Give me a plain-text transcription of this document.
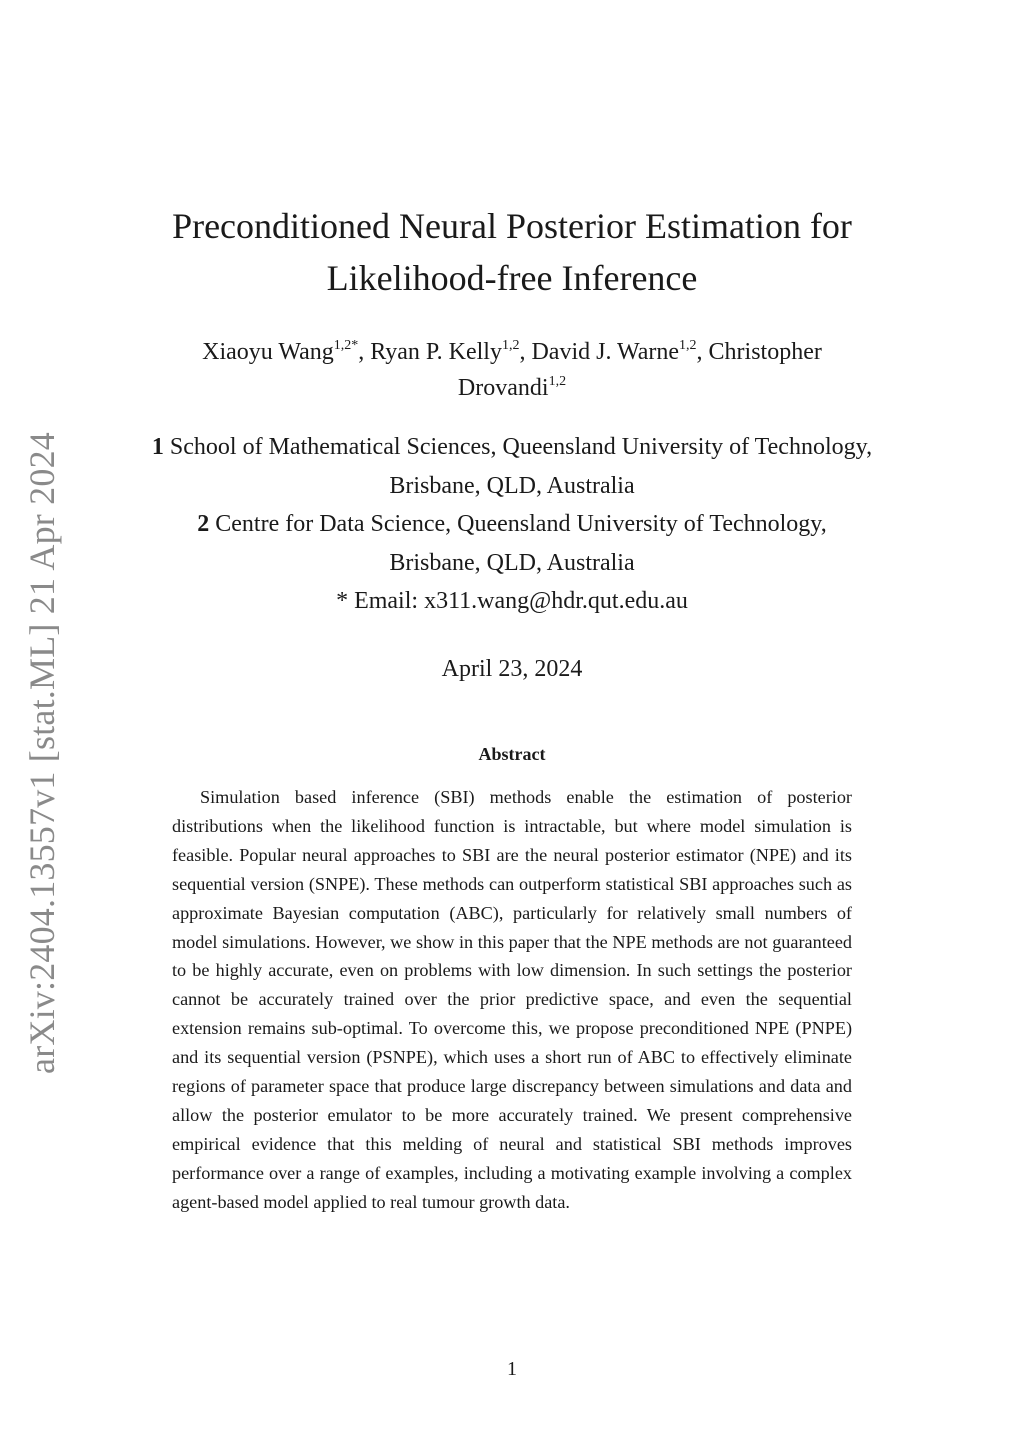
arXiv:2404.13557v1 [stat.ML] 21 Apr 2024
Preconditioned Neural Posterior Estimation for
Likelihood-free Inference
Xiaoyu Wang$^{1,2*}$, Ryan P. Kelly$^{1,2}$, David J. Warne$^{1,2}$, Christopher
Drovandi$^{1,2}$
1 School of Mathematical Sciences, Queensland University of Technology,
Brisbane, QLD, Australia
2 Centre for Data Science, Queensland University of Technology,
Brisbane, QLD, Australia
* Email: x311.wang@hdr.qut.edu.au
April 23, 2024
Abstract
Simulation based inference (SBI) methods enable the estimation of posterior distributions when the likelihood function is intractable, but where model simulation is feasible. Popular neural approaches to SBI are the neural posterior estimator (NPE) and its sequential version (SNPE). These methods can outperform statistical SBI approaches such as approximate Bayesian computation (ABC), particularly for relatively small numbers of model simulations. However, we show in this paper that the NPE methods are not guaranteed to be highly accurate, even on problems with low dimension. In such settings the posterior cannot be accurately trained over the prior predictive space, and even the sequential extension remains sub-optimal. To overcome this, we propose preconditioned NPE (PNPE) and its sequential version (PSNPE), which uses a short run of ABC to effectively eliminate regions of parameter space that produce large discrepancy between simulations and data and allow the posterior emulator to be more accurately trained. We present comprehensive empirical evidence that this melding of neural and statistical SBI methods improves performance over a range of examples, including a motivating example involving a complex agent-based model applied to real tumour growth data.
1
